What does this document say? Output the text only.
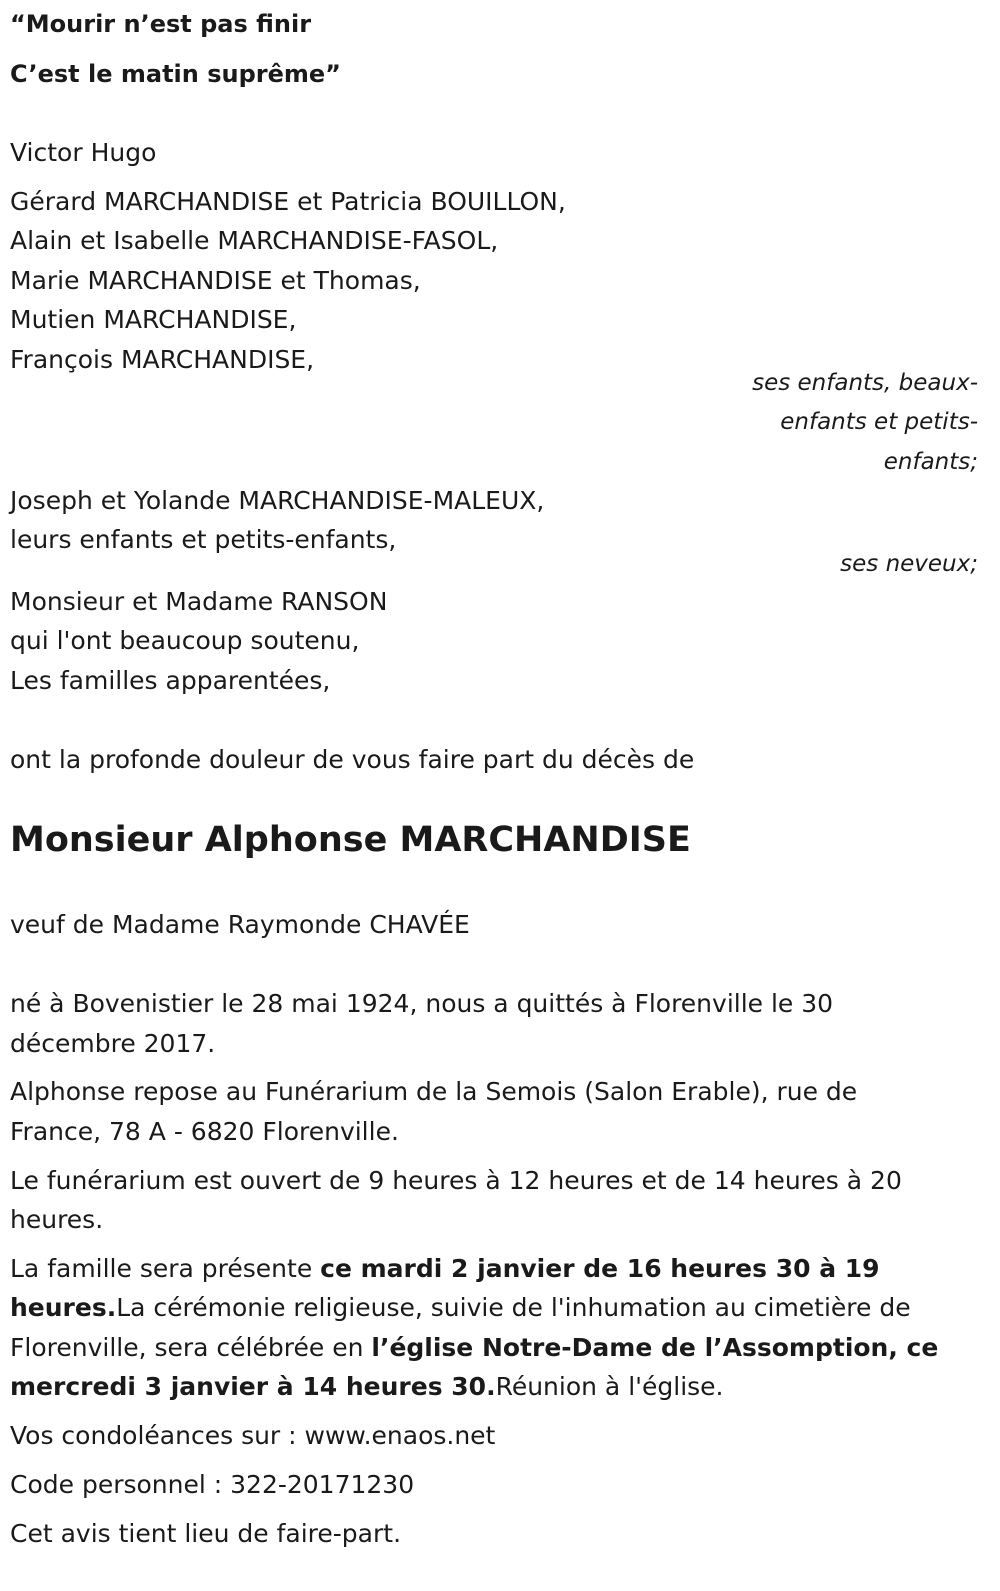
“Mourir n’est pas finir
C’est le matin suprême”
Victor Hugo
Gérard MARCHANDISE et Patricia BOUILLON,
Alain et Isabelle MARCHANDISE-FASOL,
Marie MARCHANDISE et Thomas,
Mutien MARCHANDISE,
François MARCHANDISE,
ses enfants, beaux-
enfants et petits-
enfants;
Joseph et Yolande MARCHANDISE-MALEUX,
leurs enfants et petits-enfants,
ses neveux;
Monsieur et Madame RANSON
qui l'ont beaucoup soutenu,
Les familles apparentées,
ont la profonde douleur de vous faire part du décès de
Monsieur Alphonse MARCHANDISE
veuf de Madame Raymonde CHAVÉE
né à Bovenistier le 28 mai 1924, nous a quittés à Florenville le 30
décembre 2017.
Alphonse repose au Funérarium de la Semois (Salon Erable), rue de
France, 78 A - 6820 Florenville.
Le funérarium est ouvert de 9 heures à 12 heures et de 14 heures à 20
heures.
La famille sera présente ce mardi 2 janvier de 16 heures 30 à 19
heures.La cérémonie religieuse, suivie de l'inhumation au cimetière de
Florenville, sera célébrée en l’église Notre-Dame de l’Assomption, ce
mercredi 3 janvier à 14 heures 30.Réunion à l'église.
Vos condoléances sur : www.enaos.net
Code personnel : 322-20171230
Cet avis tient lieu de faire-part.
